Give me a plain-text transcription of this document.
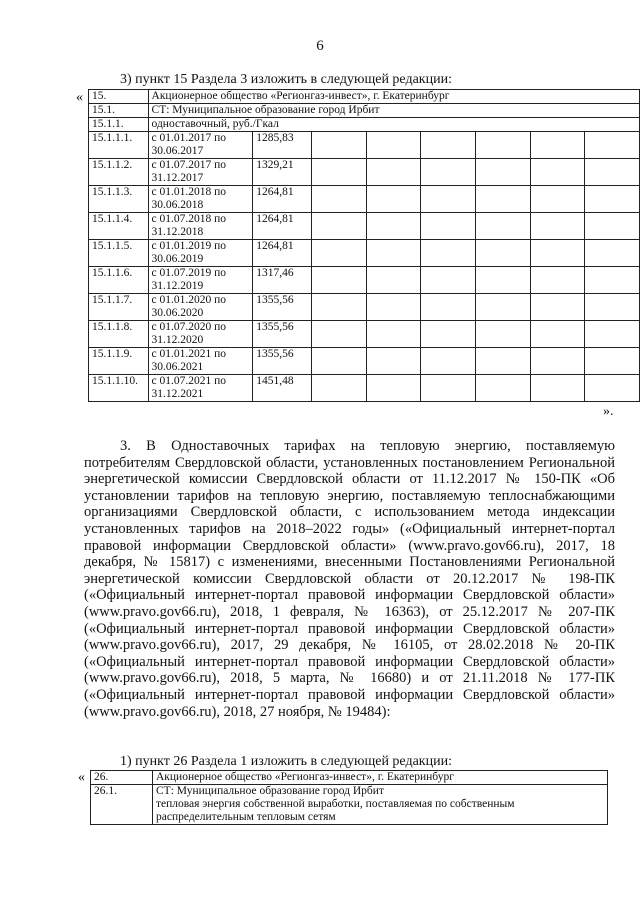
6
3) пункт 15 Раздела 3 изложить в следующей редакции:
« 15.	Акционерное общество «Регионгаз-инвест», г. Екатеринбург							
15.1.	СТ: Муниципальное образование город Ирбит							
15.1.1.	одноставочный, руб./Гкал							
15.1.1.1.	с 01.01.2017 по 30.06.2017	1285,83						
15.1.1.2.	с 01.07.2017 по 31.12.2017	1329,21						
15.1.1.3.	с 01.01.2018 по 30.06.2018	1264,81						
15.1.1.4.	с 01.07.2018 по 31.12.2018	1264,81						
15.1.1.5.	с 01.01.2019 по 30.06.2019	1264,81						
15.1.1.6.	с 01.07.2019 по 31.12.2019	1317,46						
15.1.1.7.	с 01.01.2020 по 30.06.2020	1355,56						
15.1.1.8.	с 01.07.2020 по 31.12.2020	1355,56						
15.1.1.9.	с 01.01.2021 по 30.06.2021	1355,56						
15.1.1.10.	с 01.07.2021 по 31.12.2021	1451,48						
».

3. В Одноставочных тарифах на тепловую энергию, поставляемую потребителям Свердловской области, установленных постановлением Региональной энергетической комиссии Свердловской области от 11.12.2017 № 150-ПК «Об установлении тарифов на тепловую энергию, поставляемую теплоснабжающими организациями Свердловской области, с использованием метода индексации установленных тарифов на 2018–2022 годы» («Официальный интернет-портал правовой информации Свердловской области» (www.pravo.gov66.ru), 2017, 18 декабря, № 15817) с изменениями, внесенными Постановлениями Региональной энергетической комиссии Свердловской области от 20.12.2017 № 198-ПК («Официальный интернет-портал правовой информации Свердловской области» (www.pravo.gov66.ru), 2018, 1 февраля, № 16363), от 25.12.2017 № 207-ПК («Официальный интернет-портал правовой информации Свердловской области» (www.pravo.gov66.ru), 2017, 29 декабря, № 16105, от 28.02.2018 № 20-ПК («Официальный интернет-портал правовой информации Свердловской области» (www.pravo.gov66.ru), 2018, 5 марта, № 16680) и от 21.11.2018 № 177-ПК («Официальный интернет-портал правовой информации Свердловской области» (www.pravo.gov66.ru), 2018, 27 ноября, № 19484):

1) пункт 26 Раздела 1 изложить в следующей редакции:
« 26.	Акционерное общество «Регионгаз-инвест», г. Екатеринбург
26.1.	СТ: Муниципальное образование город Ирбит
тепловая энергия собственной выработки, поставляемая по собственным распределительным тепловым сетям
